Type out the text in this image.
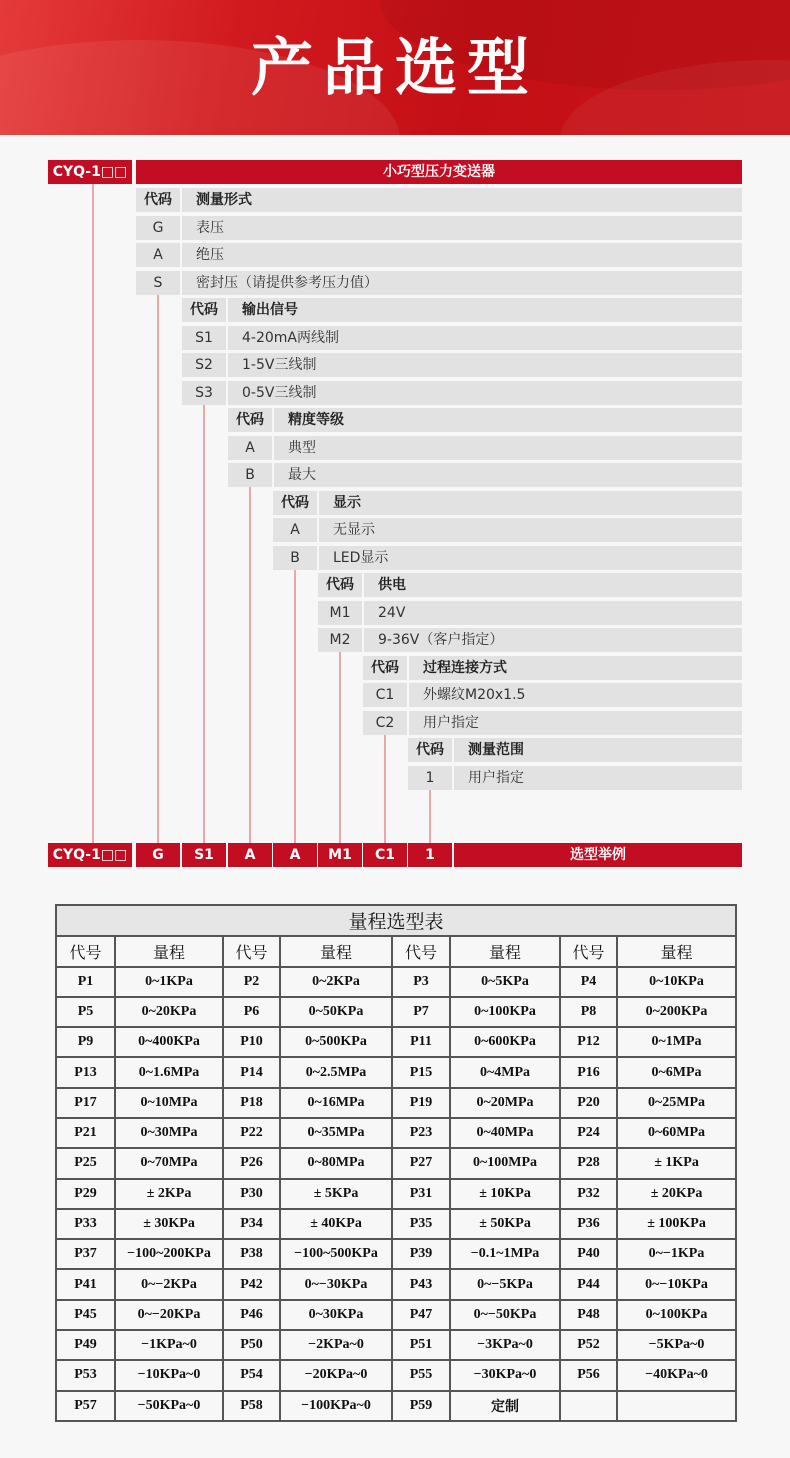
产品选型
CYQ-1□□	小巧型压力变送器
代码	测量形式
G	表压
A	绝压
S	密封压（请提供参考压力值）
代码	输出信号
S1	4-20mA两线制
S2	1-5V三线制
S3	0-5V三线制
代码	精度等级
A	典型
B	最大
代码	显示
A	无显示
B	LED显示
代码	供电
M1	24V
M2	9-36V（客户指定）
代码	过程连接方式
C1	外螺纹M20x1.5
C2	用户指定
代码	测量范围
1	用户指定
CYQ-1□□	G	S1	A	A	M1	C1	1	选型举例
量程选型表							
代号	量程	代号	量程	代号	量程	代号	量程
P1	0~1KPa	P2	0~2KPa	P3	0~5KPa	P4	0~10KPa
P5	0~20KPa	P6	0~50KPa	P7	0~100KPa	P8	0~200KPa
P9	0~400KPa	P10	0~500KPa	P11	0~600KPa	P12	0~1MPa
P13	0~1.6MPa	P14	0~2.5MPa	P15	0~4MPa	P16	0~6MPa
P17	0~10MPa	P18	0~16MPa	P19	0~20MPa	P20	0~25MPa
P21	0~30MPa	P22	0~35MPa	P23	0~40MPa	P24	0~60MPa
P25	0~70MPa	P26	0~80MPa	P27	0~100MPa	P28	± 1KPa
P29	± 2KPa	P30	± 5KPa	P31	± 10KPa	P32	± 20KPa
P33	± 30KPa	P34	± 40KPa	P35	± 50KPa	P36	± 100KPa
P37	−100~200KPa	P38	−100~500KPa	P39	−0.1~1MPa	P40	0~−1KPa
P41	0~−2KPa	P42	0~−30KPa	P43	0~−5KPa	P44	0~−10KPa
P45	0~−20KPa	P46	0~30KPa	P47	0~−50KPa	P48	0~100KPa
P49	−1KPa~0	P50	−2KPa~0	P51	−3KPa~0	P52	−5KPa~0
P53	−10KPa~0	P54	−20KPa~0	P55	−30KPa~0	P56	−40KPa~0
P57	−50KPa~0	P58	−100KPa~0	P59	定制		
